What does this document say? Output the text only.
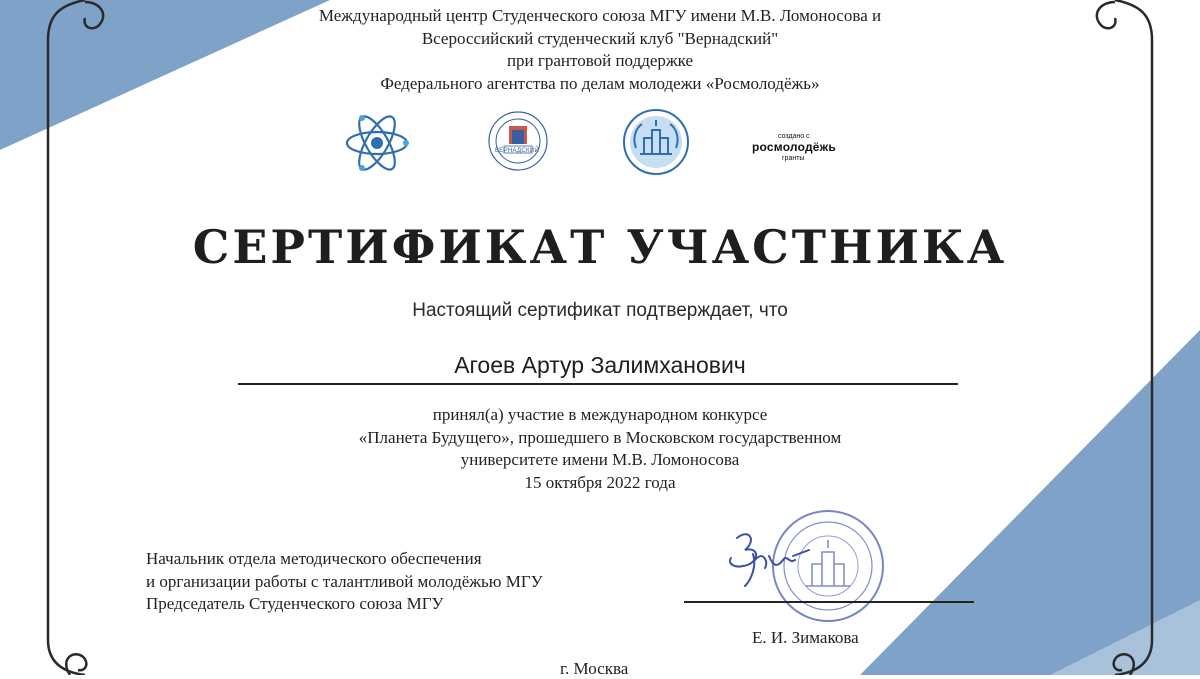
Международный центр Студенческого союза МГУ имени М.В. Ломоносова и
Всероссийский студенческий клуб "Вернадский"
при грантовой поддержке
Федерального агентства по делам молодежи «Росмолодёжь»
ВЕРНАДСКИЙ
создано с
росмолодёжь
гранты
СЕРТИФИКАТ УЧАСТНИКА
Настоящий сертификат подтверждает, что
Агоев Артур Залимханович
принял(а) участие в международном конкурсе
«Планета Будущего», прошедшего в Московском государственном
университете имени М.В. Ломоносова
15 октября 2022 года
Начальник отдела методического обеспечения
и организации работы с талантливой молодёжью МГУ
Председатель Студенческого союза МГУ
Е. И. Зимакова
г. Москва
